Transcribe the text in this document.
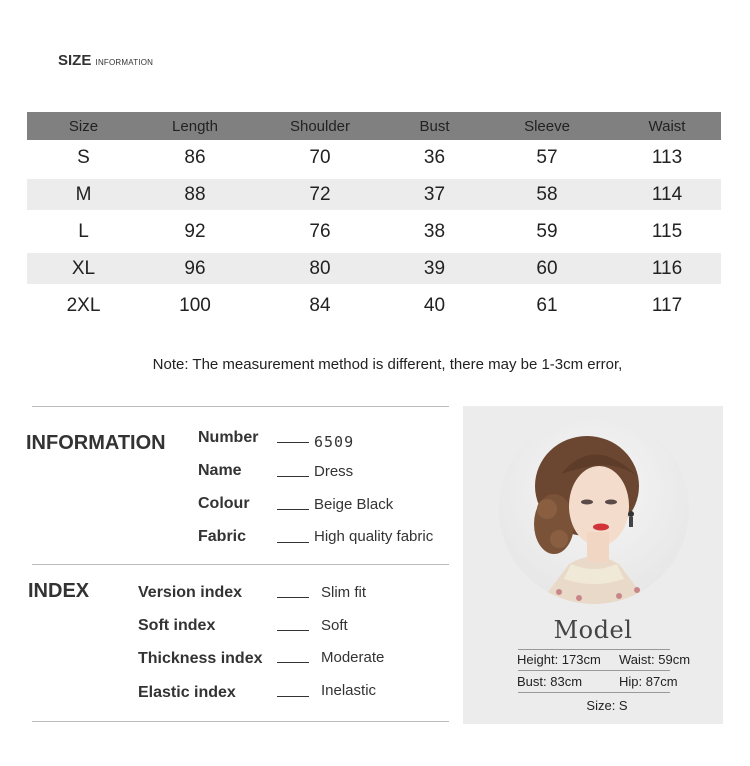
SIZE INFORMATION
Size	Length	Shoulder	Bust	Sleeve	Waist
S	86	70	36	57	113
M	88	72	37	58	114
L	92	76	38	59	115
XL	96	80	39	60	116
2XL	100	84	40	61	117
Note: The measurement method is different, there may be 1-3cm error,
INFORMATION Number	6509
Name	Dress
Colour	Beige Black
Fabric	High quality fabric
INDEX	Version index	Slim fit
Soft index	Soft
Thickness index	Moderate
Elastic index	Inelastic
Model
Height: 173cm Waist: 59cm
Bust: 83cm	Hip: 87cm
Size: S
